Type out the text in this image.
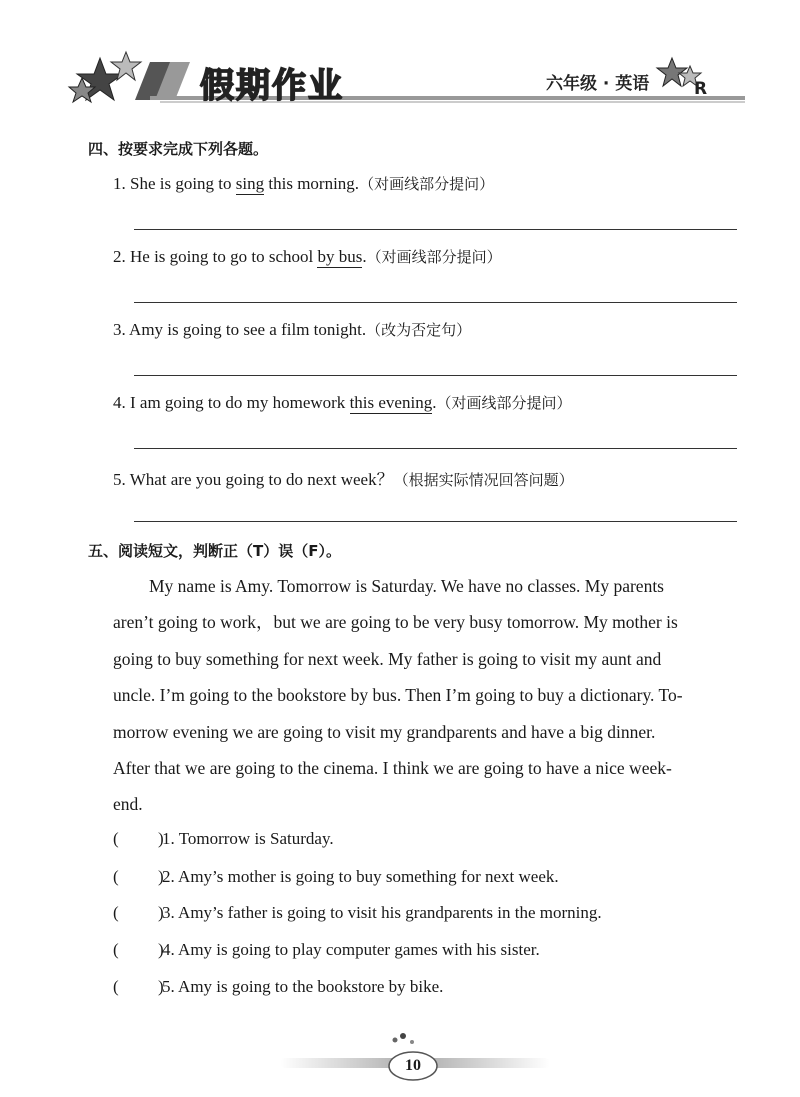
假期作业	六年级 · 英语	R
四、按要求完成下列各题。
1. She is going to sing this morning.（对画线部分提问）
2. He is going to go to school by bus.（对画线部分提问）
3. Amy is going to see a film tonight.（改为否定句）
4. I am going to do my homework this evening.（对画线部分提问）
5. What are you going to do next week？（根据实际情况回答问题）
五、阅读短文，判断正（T）误（F）。

My name is Amy. Tomorrow is Saturday. We have no classes. My parents

aren’t going to work，but we are going to be very busy tomorrow. My mother is

going to buy something for next week. My father is going to visit my aunt and

uncle. I’m going to the bookstore by bus. Then I’m going to buy a dictionary. To-

morrow evening we are going to visit my grandparents and have a big dinner.

After that we are going to the cinema. I think we are going to have a nice week-

end.

( )1. Tomorrow is Saturday.
( )2. Amy’s mother is going to buy something for next week.
( )3. Amy’s father is going to visit his grandparents in the morning.
( )4. Amy is going to play computer games with his sister.
( )5. Amy is going to the bookstore by bike.
10
